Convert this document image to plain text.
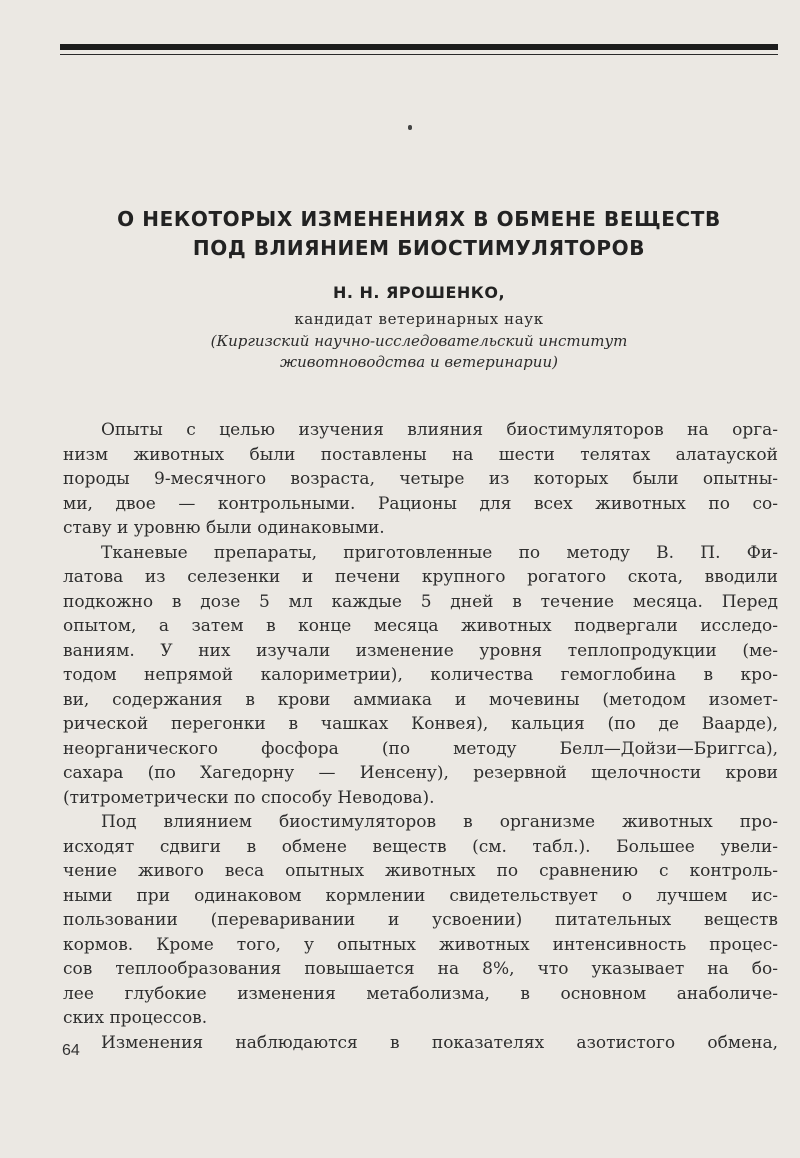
О НЕКОТОРЫХ ИЗМЕНЕНИЯХ В ОБМЕНЕ ВЕЩЕСТВ
ПОД ВЛИЯНИЕМ БИОСТИМУЛЯТОРОВ
Н. Н. ЯРОШЕНКО,
кандидат ветеринарных наук
(Киргизский научно-исследовательский институт
животноводства и ветеринарии)
Опыты с целью изучения влияния биостимуляторов на орга-
низм животных были поставлены на шести телятах алатауской
породы 9-месячного возраста, четыре из которых были опытны-
ми, двое — контрольными. Рационы для всех животных по со-
ставу и уровню были одинаковыми.
Тканевые препараты, приготовленные по методу В. П. Фи-
латова из селезенки и печени крупного рогатого скота, вводили
подкожно в дозе 5 мл каждые 5 дней в течение месяца. Перед
опытом, а затем в конце месяца животных подвергали исследо-
ваниям. У них изучали изменение уровня теплопродукции (ме-
тодом непрямой калориметрии), количества гемоглобина в кро-
ви, содержания в крови аммиака и мочевины (методом изомет-
рической перегонки в чашках Конвея), кальция (по де Ваарде),
неорганического фосфора (по методу Белл—Дойзи—Бриггса),
сахара (по Хагедорну — Иенсену), резервной щелочности крови
(титрометрически по способу Неводова).
Под влиянием биостимуляторов в организме животных про-
исходят сдвиги в обмене веществ (см. табл.). Большее увели-
чение живого веса опытных животных по сравнению с контроль-
ными при одинаковом кормлении свидетельствует о лучшем ис-
пользовании (переваривании и усвоении) питательных веществ
кормов. Кроме того, у опытных животных интенсивность процес-
сов теплообразования повышается на 8%, что указывает на бо-
лее глубокие изменения метаболизма, в основном анаболиче-
ских процессов.
Изменения наблюдаются в показателях азотистого обмена,
64
